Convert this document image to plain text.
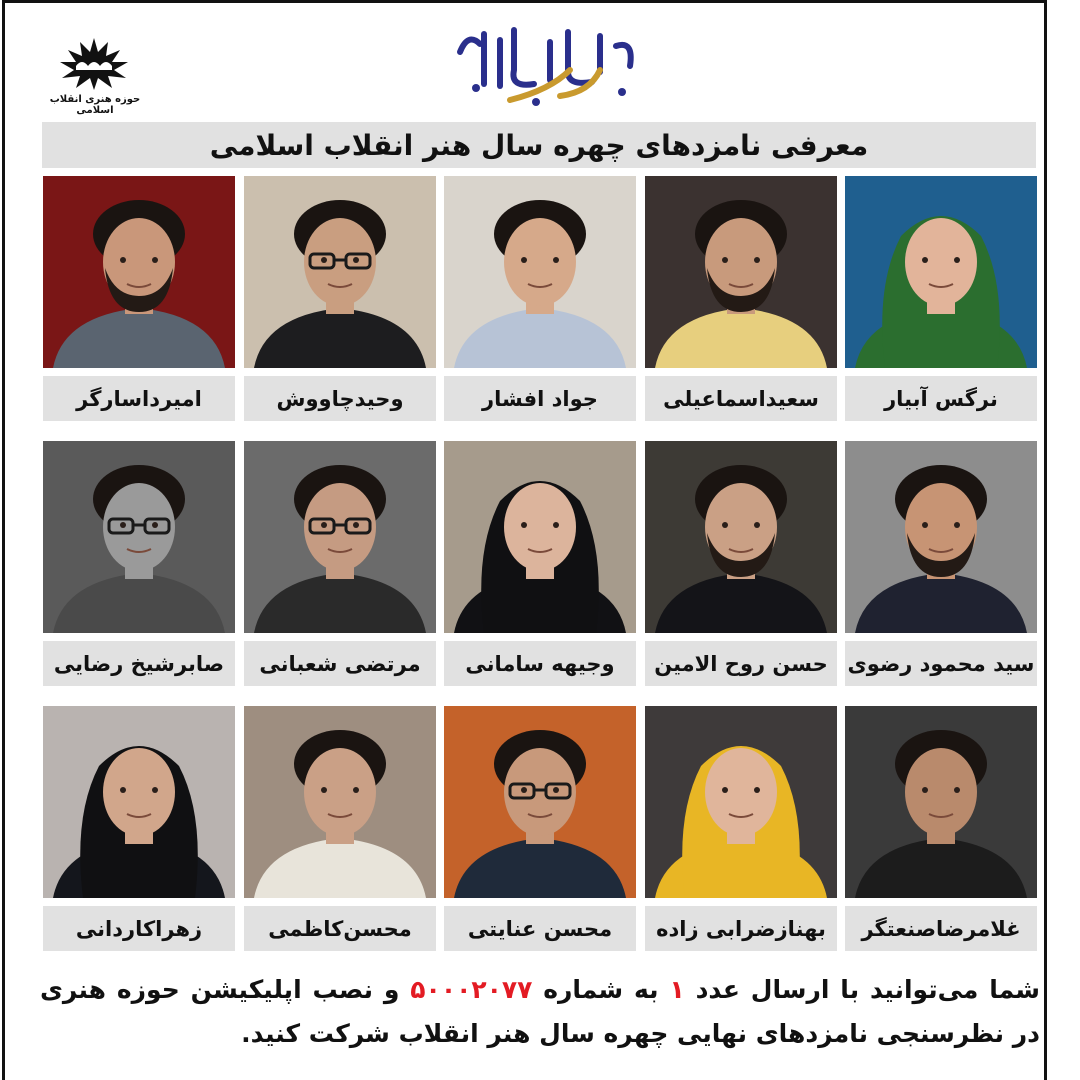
حوزه هنری انقلاب اسلامی
معرفی نامزدهای چهره سال هنر انقلاب اسلامی
نرگس آبیار
سعیداسماعیلی
جواد افشار
وحیدچاووش
امیرداسارگر
سید محمود رضوی
حسن روح الامین
وجیهه سامانی
مرتضی شعبانی
صابرشیخ رضایی
غلامرضاصنعتگر
بهنازضرابی زاده
محسن عنایتی
محسن‌کاظمی
زهراکاردانی
شما می‌توانید با ارسال عدد ۱ به شماره ۵۰۰۰۲۰۷۷ و نصب اپلیکیشن حوزه هنری در نظرسنجی نامزدهای نهایی چهره سال هنر انقلاب شرکت کنید.
